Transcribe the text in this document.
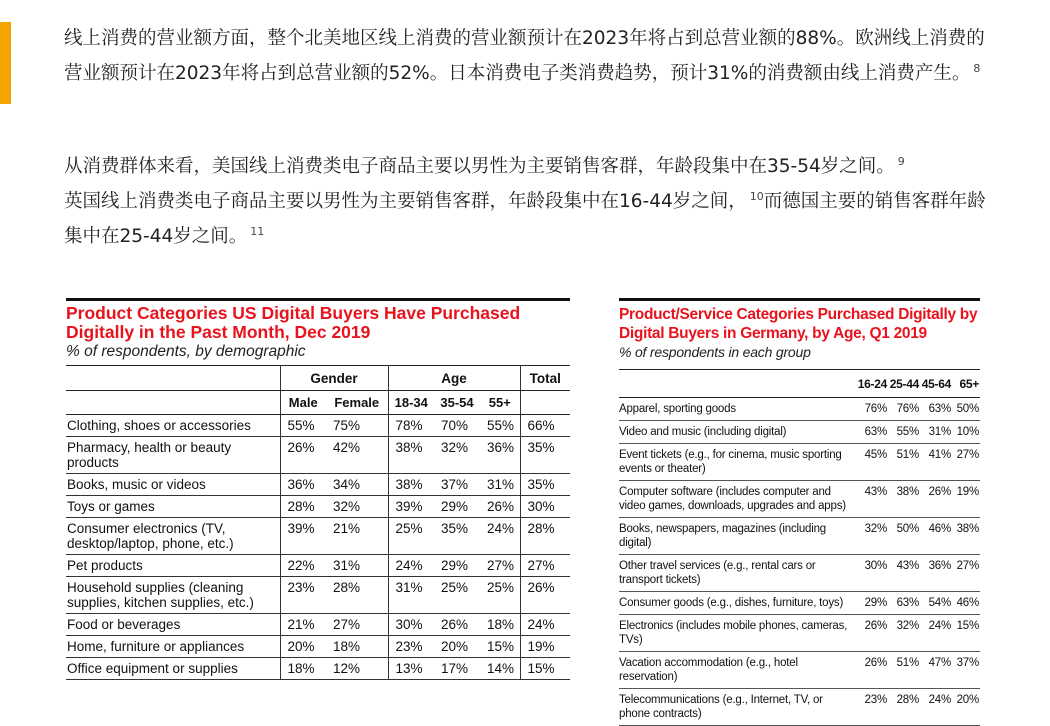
线上消费的营业额方面，整个北美地区线上消费的营业额预计在2023年将占到总营业额的88%。欧洲线上消费的营业额预计在2023年将占到总营业额的52%。日本消费电子类消费趋势，预计31%的消费额由线上消费产生。 $^8$

从消费群体来看，美国线上消费类电子商品主要以男性为主要销售客群，年龄段集中在35-54岁之间。 $^9$
英国线上消费类电子商品主要以男性为主要销售客群，年龄段集中在16-44岁之间， $^{10}$而德国主要的销售客群年龄集中在25-44岁之间。 $^{11}$

Product Categories US Digital Buyers Have Purchased Digitally in the Past Month, Dec 2019
% of respondents, by demographic
	Gender		Age			Total
	Male	Female	18-34	35-54	55+	
Clothing, shoes or accessories	55%	75%	78%	70%	55%	66%
Pharmacy, health or beauty products	26%	42%	38%	32%	36%	35%
Books, music or videos	36%	34%	38%	37%	31%	35%
Toys or games	28%	32%	39%	29%	26%	30%
Consumer electronics (TV, desktop/laptop, phone, etc.)	39%	21%	25%	35%	24%	28%
Pet products	22%	31%	24%	29%	27%	27%
Household supplies (cleaning supplies, kitchen supplies, etc.)	23%	28%	31%	25%	25%	26%
Food or beverages	21%	27%	30%	26%	18%	24%
Home, furniture or appliances	20%	18%	23%	20%	15%	19%
Office equipment or supplies	18%	12%	13%	17%	14%	15%
Product/Service Categories Purchased Digitally by Digital Buyers in Germany, by Age, Q1 2019
% of respondents in each group
	16-24	25-44	45-64	65+
Apparel, sporting goods	76%	76%	63%	50%
Video and music (including digital)	63%	55%	31%	10%
Event tickets (e.g., for cinema, music sporting events or theater)	45%	51%	41%	27%
Computer software (includes computer and video games, downloads, upgrades and apps)	43%	38%	26%	19%
Books, newspapers, magazines (including digital)	32%	50%	46%	38%
Other travel services (e.g., rental cars or transport tickets)	30%	43%	36%	27%
Consumer goods (e.g., dishes, furniture, toys)	29%	63%	54%	46%
Electronics (includes mobile phones, cameras, TVs)	26%	32%	24%	15%
Vacation accommodation (e.g., hotel reservation)	26%	51%	47%	37%
Telecommunications (e.g., Internet, TV, or phone contracts)	23%	28%	24%	20%
